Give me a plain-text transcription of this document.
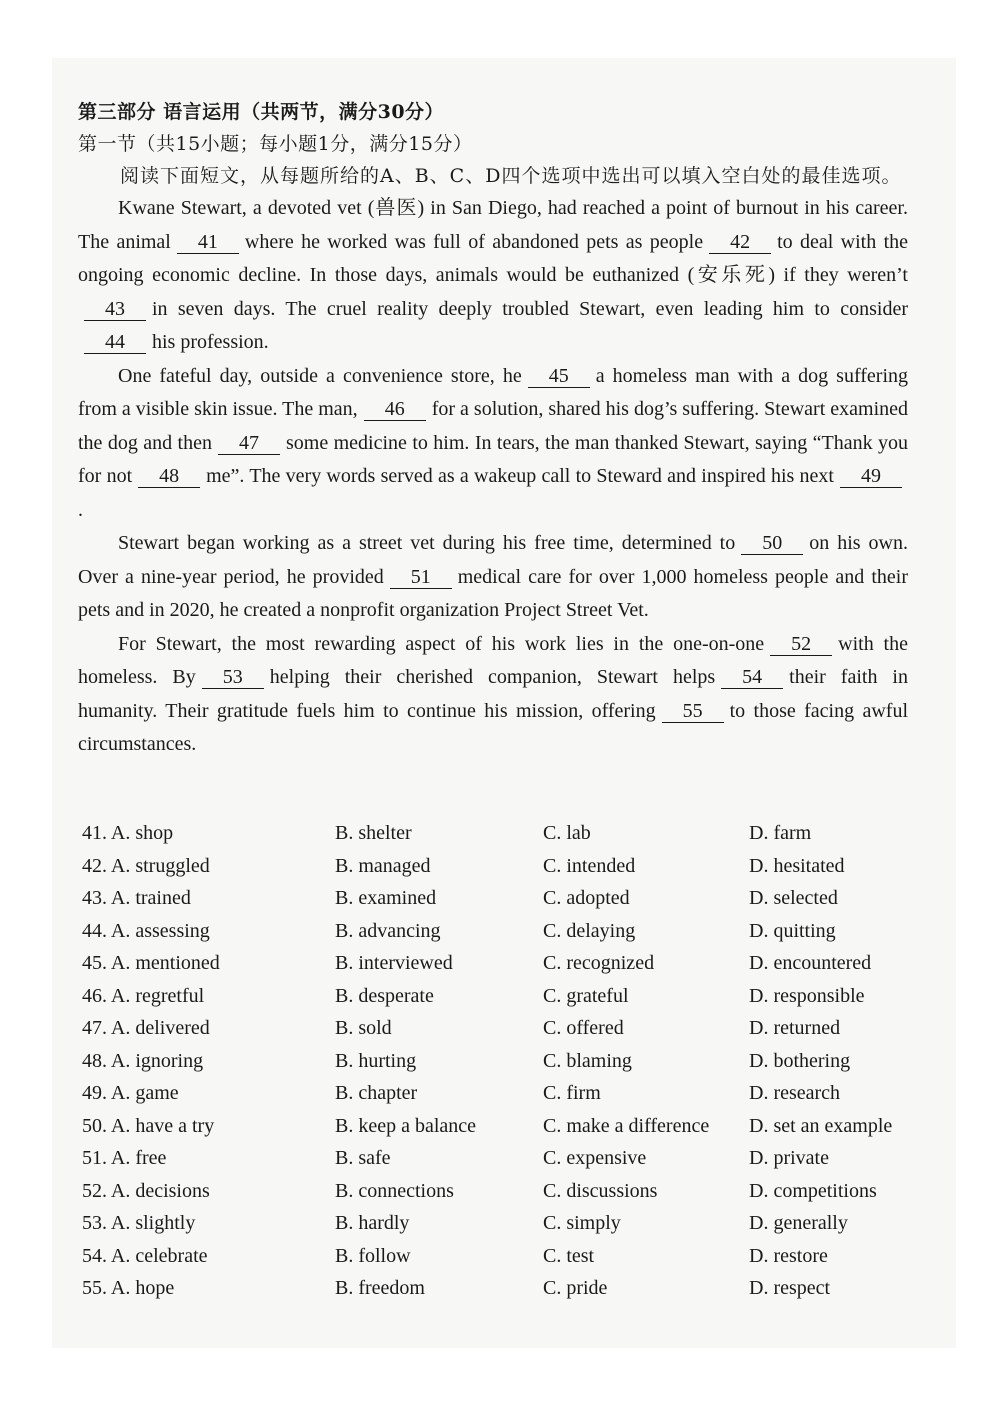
第三部分 语言运用（共两节，满分30分）

第一节（共15小题；每小题1分，满分15分）

阅读下面短文，从每题所给的A、B、C、D四个选项中选出可以填入空白处的最佳选项。

Kwane Stewart, a devoted vet (兽医) in San Diego, had reached a point of burnout in his career. The animal 41 where he worked was full of abandoned pets as people 42 to deal with the ongoing economic decline. In those days, animals would be euthanized (安乐死) if they weren’t43 in seven days. The cruel reality deeply troubled Stewart, even leading him to consider44 his profession.

One fateful day, outside a convenience store, he 45 a homeless man with a dog suffering from a visible skin issue. The man, 46 for a solution, shared his dog’s suffering. Stewart examined the dog and then 47 some medicine to him. In tears, the man thanked Stewart, saying “Thank you for not 48 me”. The very words served as a wakeup call to Steward and inspired his next 49.

Stewart began working as a street vet during his free time, determined to 50 on his own. Over a nine-year period, he provided 51 medical care for over 1,000 homeless people and their pets and in 2020, he created a nonprofit organization Project Street Vet.

For Stewart, the most rewarding aspect of his work lies in the one-on-one 52 with the homeless. By 53 helping their cherished companion, Stewart helps 54 their faith in humanity. Their gratitude fuels him to continue his mission, offering 55 to those facing awful circumstances.

41. A. shop	B. shelter	C. lab	D. farm
42. A. struggled	B. managed	C. intended	D. hesitated
43. A. trained	B. examined	C. adopted	D. selected
44. A. assessing	B. advancing	C. delaying	D. quitting
45. A. mentioned	B. interviewed	C. recognized	D. encountered
46. A. regretful	B. desperate	C. grateful	D. responsible
47. A. delivered	B. sold	C. offered	D. returned
48. A. ignoring	B. hurting	C. blaming	D. bothering
49. A. game	B. chapter	C. firm	D. research
50. A. have a try	B. keep a balance	C. make a difference D. set an example
51. A. free	B. safe	C. expensive	D. private
52. A. decisions	B. connections	C. discussions	D. competitions
53. A. slightly	B. hardly	C. simply	D. generally
54. A. celebrate	B. follow	C. test	D. restore
55. A. hope	B. freedom	C. pride	D. respect
